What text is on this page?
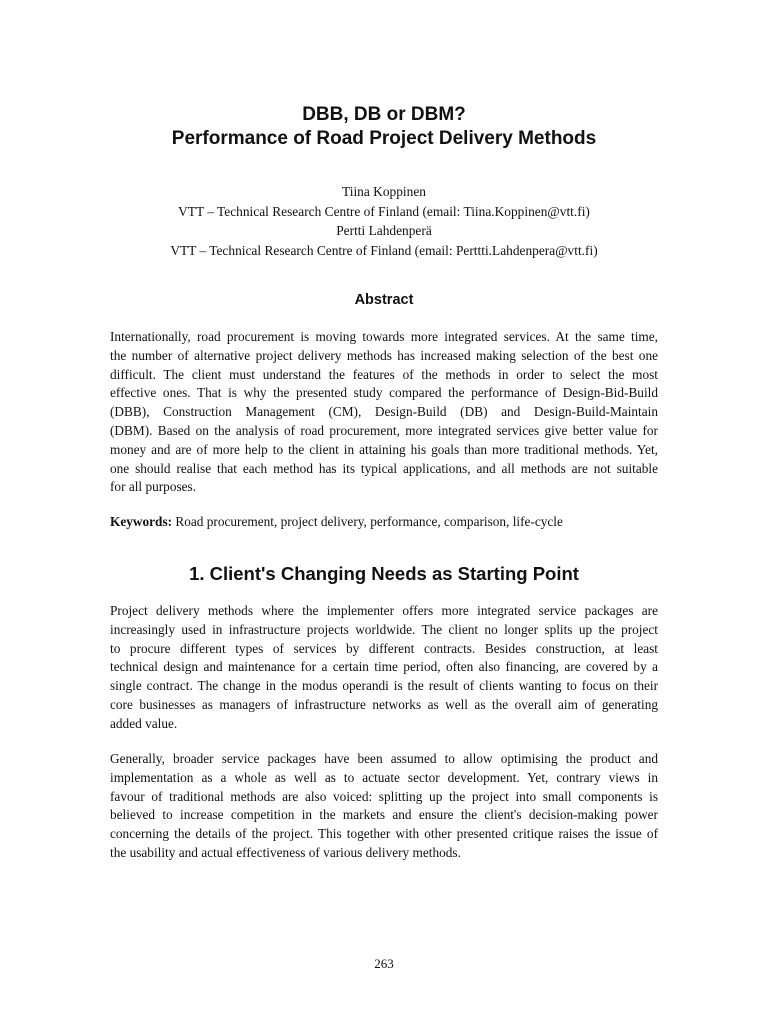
DBB, DB or DBM?
Performance of Road Project Delivery Methods
Tiina Koppinen
VTT – Technical Research Centre of Finland (email: Tiina.Koppinen@vtt.fi)
Pertti Lahdenperä
VTT – Technical Research Centre of Finland (email: Perttti.Lahdenpera@vtt.fi)
Abstract
Internationally, road procurement is moving towards more integrated services. At the same time,
the number of alternative project delivery methods has increased making selection of the best one
difficult. The client must understand the features of the methods in order to select the most
effective ones. That is why the presented study compared the performance of Design-Bid-Build
(DBB), Construction Management (CM), Design-Build (DB) and Design-Build-Maintain
(DBM). Based on the analysis of road procurement, more integrated services give better value for
money and are of more help to the client in attaining his goals than more traditional methods. Yet,
one should realise that each method has its typical applications, and all methods are not suitable
for all purposes.
Keywords: Road procurement, project delivery, performance, comparison, life-cycle
1. Client's Changing Needs as Starting Point
Project delivery methods where the implementer offers more integrated service packages are
increasingly used in infrastructure projects worldwide. The client no longer splits up the project
to procure different types of services by different contracts. Besides construction, at least
technical design and maintenance for a certain time period, often also financing, are covered by a
single contract. The change in the modus operandi is the result of clients wanting to focus on their
core businesses as managers of infrastructure networks as well as the overall aim of generating
added value.
Generally, broader service packages have been assumed to allow optimising the product and
implementation as a whole as well as to actuate sector development. Yet, contrary views in
favour of traditional methods are also voiced: splitting up the project into small components is
believed to increase competition in the markets and ensure the client's decision-making power
concerning the details of the project. This together with other presented critique raises the issue of
the usability and actual effectiveness of various delivery methods.
263
